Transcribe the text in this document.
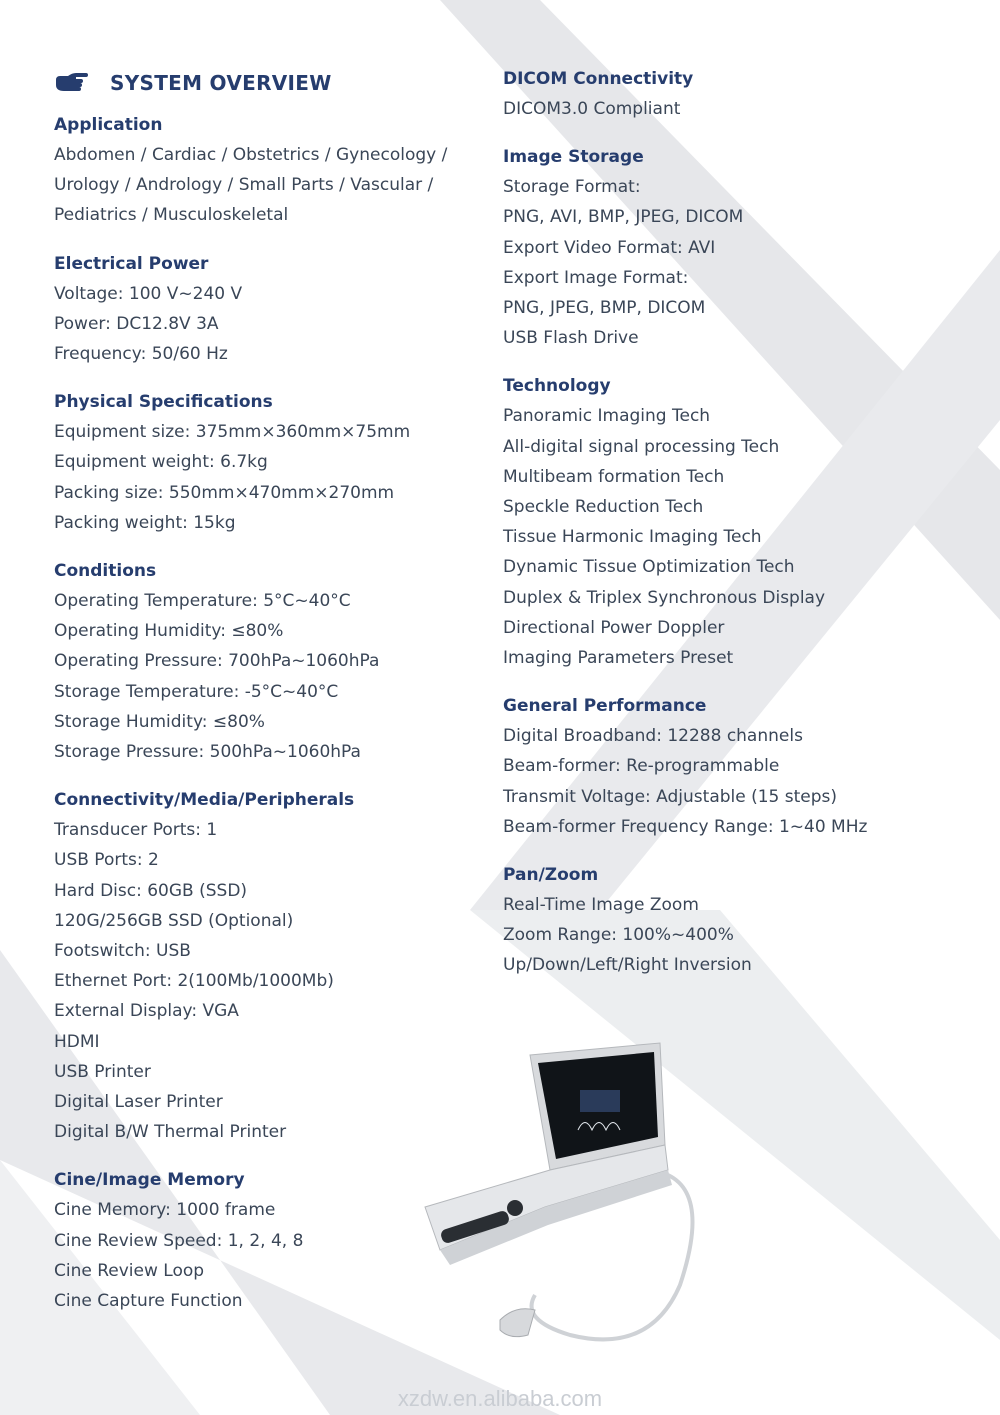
SYSTEM OVERVIEW
Application
Abdomen / Cardiac / Obstetrics / Gynecology /
Urology / Andrology / Small Parts / Vascular /
Pediatrics / Musculoskeletal
Electrical Power
Voltage: 100 V~240 V
Power: DC12.8V 3A
Frequency: 50/60 Hz
Physical Specifications
Equipment size: 375mm×360mm×75mm
Equipment weight: 6.7kg
Packing size: 550mm×470mm×270mm
Packing weight: 15kg
Conditions
Operating Temperature: 5°C~40°C
Operating Humidity: ≤80%
Operating Pressure: 700hPa~1060hPa
Storage Temperature: -5°C~40°C
Storage Humidity: ≤80%
Storage Pressure: 500hPa~1060hPa
Connectivity/Media/Peripherals
Transducer Ports: 1
USB Ports: 2
Hard Disc: 60GB (SSD)
120G/256GB SSD (Optional)
Footswitch: USB
Ethernet Port: 2(100Mb/1000Mb)
External Display: VGA
HDMI
USB Printer
Digital Laser Printer
Digital B/W Thermal Printer
Cine/Image Memory
Cine Memory: 1000 frame
Cine Review Speed: 1, 2, 4, 8
Cine Review Loop
Cine Capture Function
DICOM Connectivity
DICOM3.0 Compliant
Image Storage
Storage Format:
PNG, AVI, BMP, JPEG, DICOM
Export Video Format: AVI
Export Image Format:
PNG, JPEG, BMP, DICOM
USB Flash Drive
Technology
Panoramic Imaging Tech
All-digital signal processing Tech
Multibeam formation Tech
Speckle Reduction Tech
Tissue Harmonic Imaging Tech
Dynamic Tissue Optimization Tech
Duplex & Triplex Synchronous Display
Directional Power Doppler
Imaging Parameters Preset
General Performance
Digital Broadband: 12288 channels
Beam-former: Re-programmable
Transmit Voltage: Adjustable (15 steps)
Beam-former Frequency Range: 1~40 MHz
Pan/Zoom
Real-Time Image Zoom
Zoom Range: 100%~400%
Up/Down/Left/Right Inversion
xzdw.en.alibaba.com
